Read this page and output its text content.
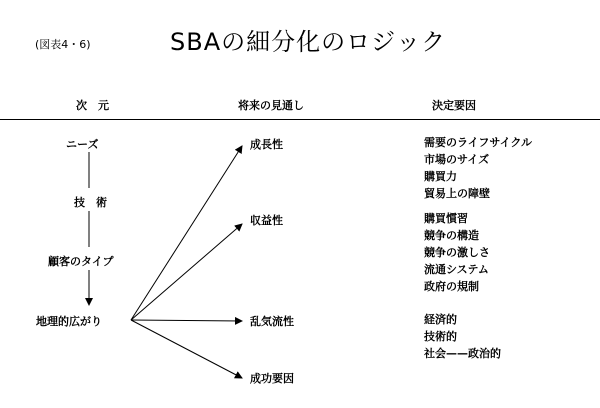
(図表4・6)	SBAの細分化のロジック
次　元	将来の見通し	決定要因
ニーズ
技　術
顧客のタイプ
地理的広がり
成長性
収益性
乱気流性
成功要因
需要のライフサイクル
市場のサイズ
購買力
貿易上の障壁
購買慣習
競争の構造
競争の激しさ
流通システム
政府の規制
経済的
技術的
社会——政治的
